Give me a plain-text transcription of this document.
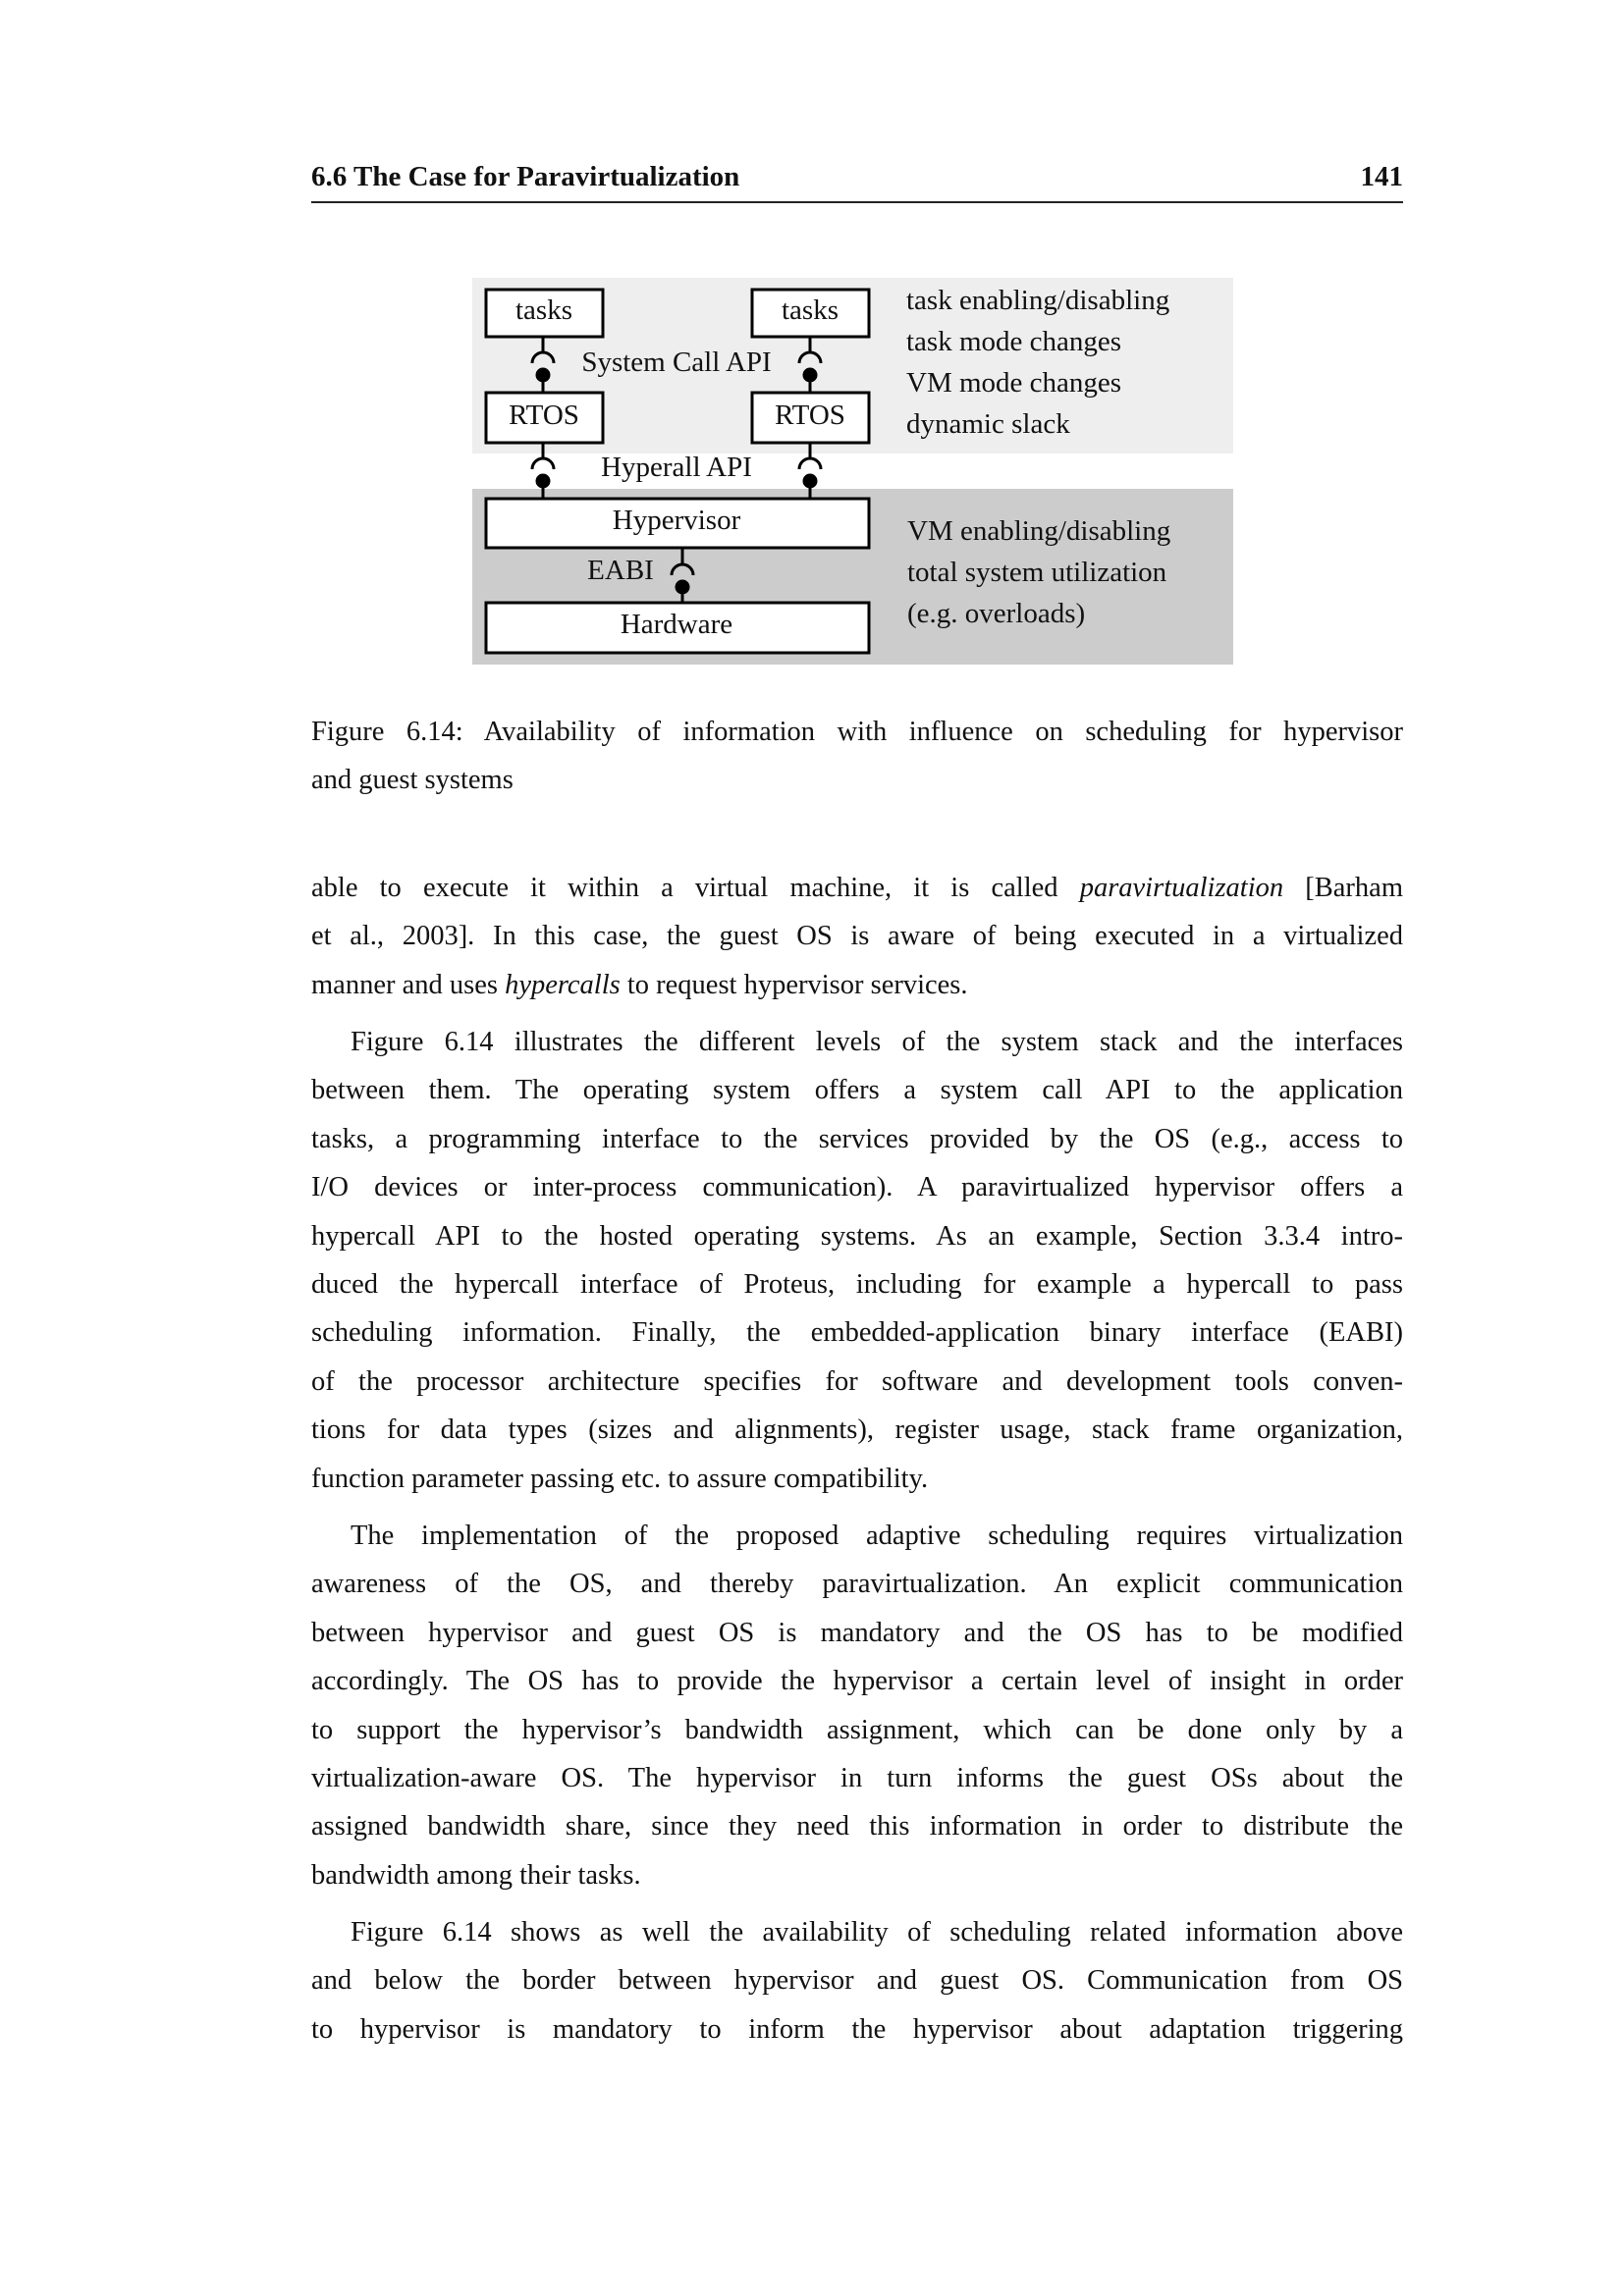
6.6 The Case for Paravirtualization	141
tasks	tasks
RTOS	RTOS
Hypervisor
Hardware
System Call API
Hyperall API
EABI
task enabling/disabling
task mode changes
VM mode changes
dynamic slack
VM enabling/disabling
total system utilization
(e.g. overloads)
Figure 6.14: Availability of information with influence on scheduling for hypervisor
and guest systems
able to execute it within a virtual machine, it is called paravirtualization [Barham
et al., 2003]. In this case, the guest OS is aware of being executed in a virtualized
manner and uses hypercalls to request hypervisor services.
Figure 6.14 illustrates the different levels of the system stack and the interfaces
between them. The operating system offers a system call API to the application
tasks, a programming interface to the services provided by the OS (e.g., access to
I/O devices or inter-process communication). A paravirtualized hypervisor offers a
hypercall API to the hosted operating systems. As an example, Section 3.3.4 intro-
duced the hypercall interface of Proteus, including for example a hypercall to pass
scheduling information. Finally, the embedded-application binary interface (EABI)
of the processor architecture specifies for software and development tools conven-
tions for data types (sizes and alignments), register usage, stack frame organization,
function parameter passing etc. to assure compatibility.
The implementation of the proposed adaptive scheduling requires virtualization
awareness of the OS, and thereby paravirtualization. An explicit communication
between hypervisor and guest OS is mandatory and the OS has to be modified
accordingly. The OS has to provide the hypervisor a certain level of insight in order
to support the hypervisor’s bandwidth assignment, which can be done only by a
virtualization-aware OS. The hypervisor in turn informs the guest OSs about the
assigned bandwidth share, since they need this information in order to distribute the
bandwidth among their tasks.
Figure 6.14 shows as well the availability of scheduling related information above
and below the border between hypervisor and guest OS. Communication from OS
to hypervisor is mandatory to inform the hypervisor about adaptation triggering
